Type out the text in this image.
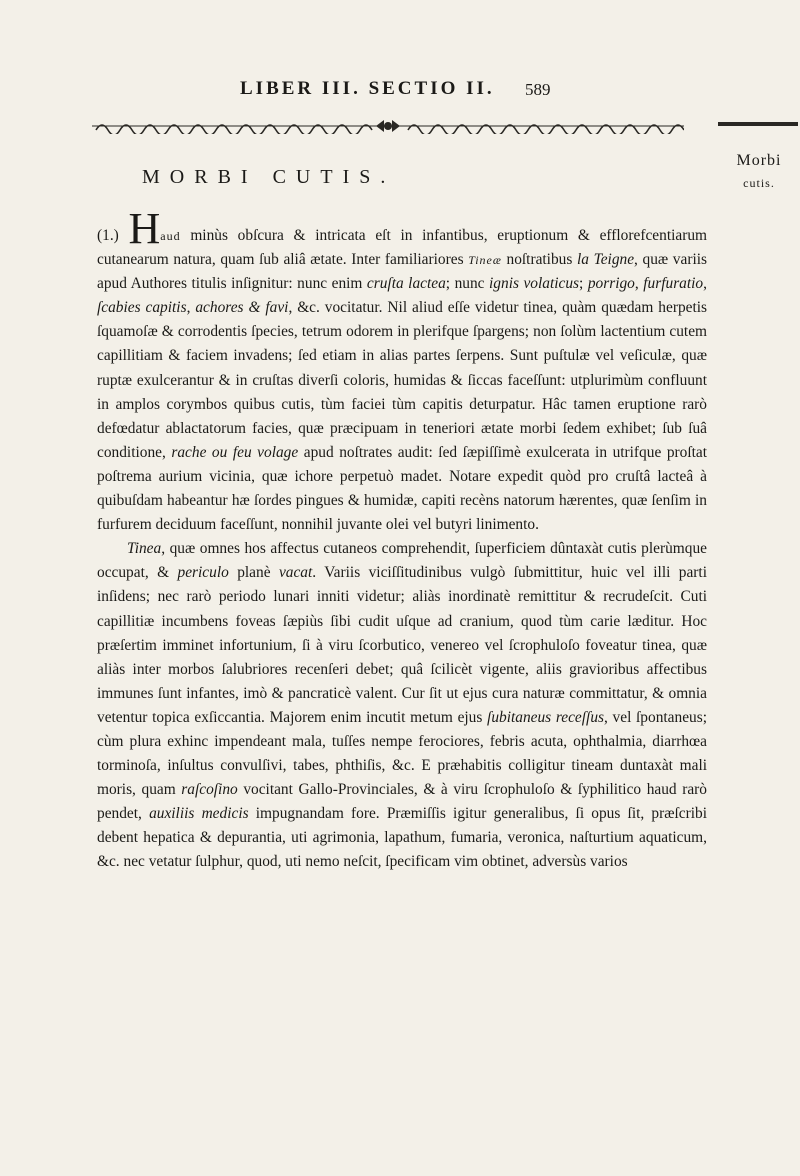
LIBER III. SECTIO II. 589
Morbi
cutis.
MORBI CUTIS.

(1.) Haud minùs obſcura & intricata eſt in infantibus, eruptionum & efflorefcentiarum cutanearum natura, quam ſub aliâ ætate. Inter familiariores Tineæ noſtratibus la Teigne, quæ variis apud Authores titulis inſignitur: nunc enim cruſta lactea; nunc ignis volaticus; porrigo, furfuratio, ſcabies capitis, achores & favi, &c. vocitatur. Nil aliud eſſe videtur tinea, quàm quædam herpetis ſquamoſæ & corrodentis ſpecies, tetrum odorem in plerifque ſpargens; non ſolùm lactentium cutem capillitiam & faciem invadens; ſed etiam in alias partes ſerpens. Sunt puſtulæ vel veſiculæ, quæ ruptæ exulcerantur & in cruſtas diverſi coloris, humidas & ſiccas faceſſunt: utplurimùm confluunt in amplos corymbos quibus cutis, tùm faciei tùm capitis deturpatur. Hâc tamen eruptione rarò defœdatur ablactatorum facies, quæ præcipuam in teneriori ætate morbi ſedem exhibet; ſub ſuâ conditione, rache ou feu volage apud noſtrates audit: ſed ſæpiſſimè exulcerata in utrifque proſtat poſtrema aurium vicinia, quæ ichore perpetuò madet. Notare expedit quòd pro cruſtâ lacteâ à quibuſdam habeantur hæ ſordes pingues & humidæ, capiti recèns natorum hærentes, quæ ſenſim in furfurem deciduum faceſſunt, nonnihil juvante olei vel butyri linimento.

Tinea, quæ omnes hos affectus cutaneos comprehendit, ſuperficiem dûntaxàt cutis plerùmque occupat, & periculo planè vacat. Variis viciſſitudinibus vulgò ſubmittitur, huic vel illi parti inſidens; nec rarò periodo lunari inniti videtur; aliàs inordinatè remittitur & recrudeſcit. Cuti capillitiæ incumbens foveas ſæpiùs ſibi cudit uſque ad cranium, quod tùm carie læditur. Hoc præſertim imminet infortunium, ſi à viru ſcorbutico, venereo vel ſcrophuloſo foveatur tinea, quæ aliàs inter morbos ſalubriores recenſeri debet; quâ ſcilicèt vigente, aliis gravioribus affectibus immunes ſunt infantes, imò & pancraticè valent. Cur ſit ut ejus cura naturæ committatur, & omnia vetentur topica exſiccantia. Majorem enim incutit metum ejus ſubitaneus receſſus, vel ſpontaneus; cùm plura exhinc impendeant mala, tuſſes nempe ferociores, febris acuta, ophthalmia, diarrhœa torminoſa, inſultus convulſivi, tabes, phthiſis, &c. E præhabitis colligitur tineam duntaxàt mali moris, quam raſcoſino vocitant Gallo-Provinciales, & à viru ſcrophuloſo & ſyphilitico haud rarò pendet, auxiliis medicis impugnandam fore. Præmiſſis igitur generalibus, ſi opus ſit, præſcribi debent hepatica & depurantia, uti agrimonia, lapathum, fumaria, veronica, naſturtium aquaticum, &c. nec vetatur ſulphur, quod, uti nemo neſcit, ſpecificam vim obtinet, adversùs varios
